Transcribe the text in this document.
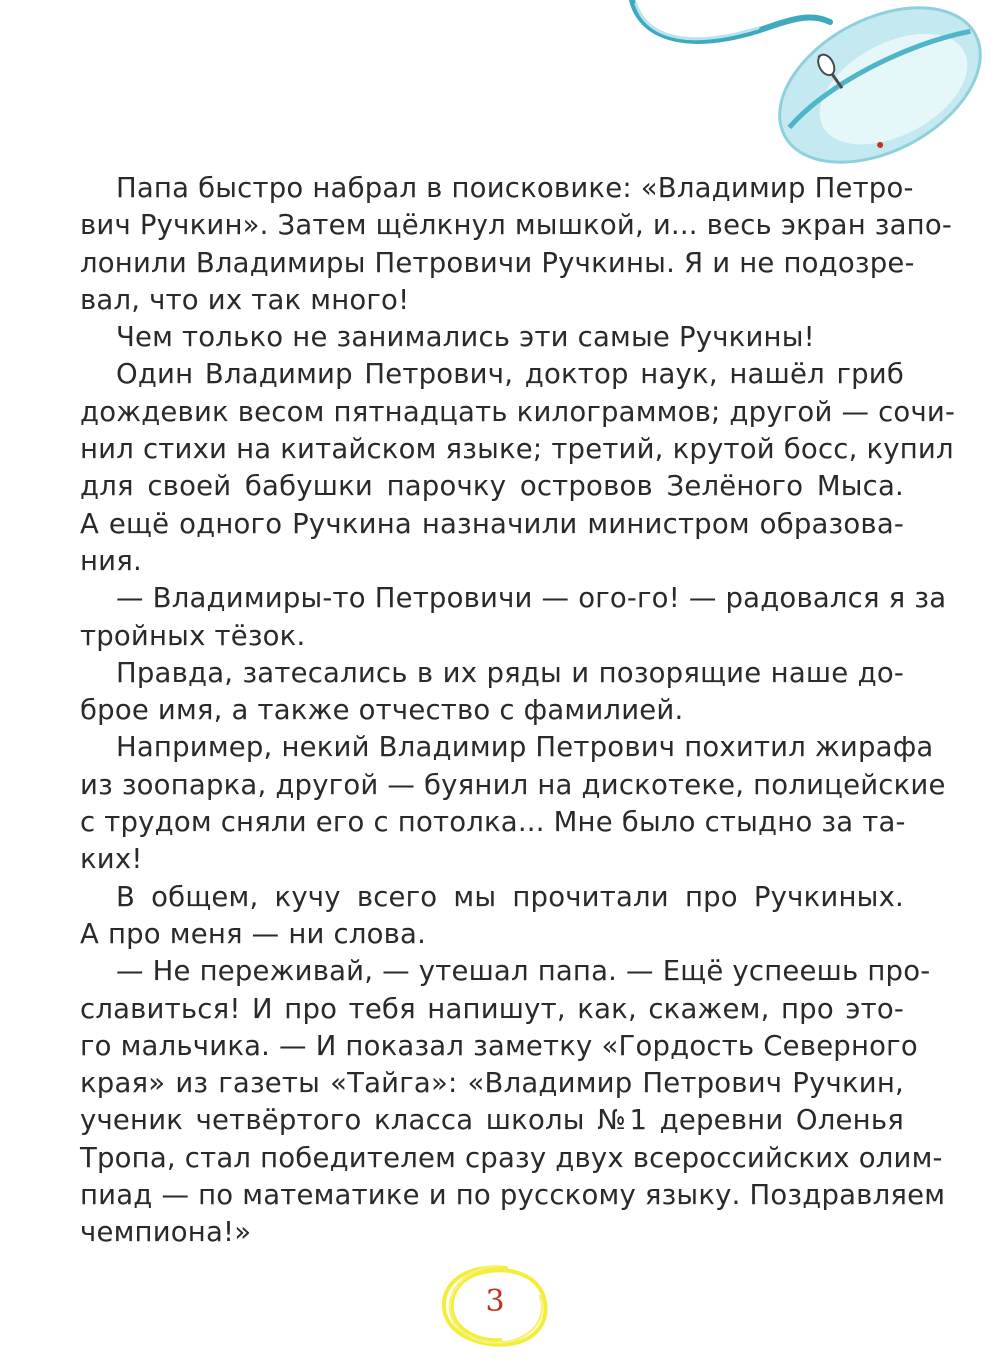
Папа быстро набрал в поисковике: «Владимир Петро-
вич Ручкин». Затем щёлкнул мышкой, и... весь экран запо-
лонили Владимиры Петровичи Ручкины. Я и не подозре-
вал, что их так много!

Чем только не занимались эти самые Ручкины!

Один Владимир Петрович, доктор наук, нашёл гриб
дождевик весом пятнадцать килограммов; другой — сочи-
нил стихи на китайском языке; третий, крутой босс, купил
для своей бабушки парочку островов Зелёного Мыса.
А ещё одного Ручкина назначили министром образова-
ния.

— Владимиры-то Петровичи — ого-го! — радовался я за
тройных тёзок.

Правда, затесались в их ряды и позорящие наше до-
брое имя, а также отчество с фамилией.

Например, некий Владимир Петрович похитил жирафа
из зоопарка, другой — буянил на дискотеке, полицейские
с трудом сняли его с потолка... Мне было стыдно за та-
ких!

В общем, кучу всего мы прочитали про Ручкиных.
А про меня — ни слова.

— Не переживай, — утешал папа. — Ещё успеешь про-
славиться! И про тебя напишут, как, скажем, про это-
го мальчика. — И показал заметку «Гордость Северного
края» из газеты «Тайга»: «Владимир Петрович Ручкин,
ученик четвёртого класса школы №1 деревни Оленья
Тропа, стал победителем сразу двух всероссийских олим-
пиад — по математике и по русскому языку. Поздравляем
чемпиона!»

3
